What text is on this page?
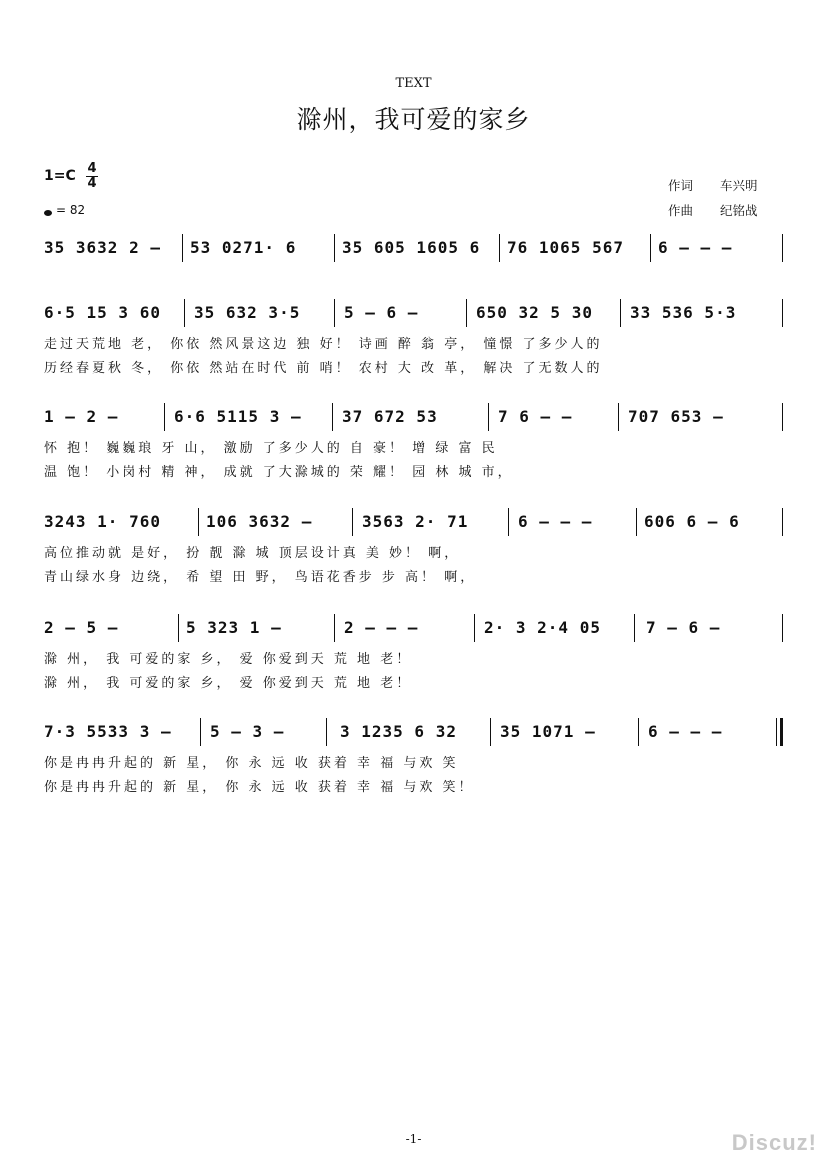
TEXT
滁州，我可爱的家乡
1=C 4
4
= 82
作词 车兴明
作曲 纪铭战
35 3632 2 – 53 0271· 6	35 605 1605 6 76 1065 567 6 – – –
6·5 15 3 60 35 632 3·5	5 – 6 –	650 32 5 30 33 536 5·3
走过天荒地 老， 你依 然风景这边 独 好！ 诗画 醉 翁 亭， 憧憬 了多少人的
历经春夏秋 冬， 你依 然站在时代 前 哨！ 农村 大 改 革， 解决 了无数人的
1 – 2 –	6·6 5115 3 –	37 672 53	7 6 – –	707 653 –
怀 抱！ 巍巍琅 牙 山， 激励 了多少人的 自 豪！ 增 绿 富 民
温 饱！ 小岗村 精 神， 成就 了大滁城的 荣 耀！ 园 林 城 市，
3243 1· 760	106 3632 –	3563 2· 71	6 – – –	606 6 – 6
高位推动就 是好， 扮 靓 滁 城 顶层设计真 美 妙！ 啊，
青山绿水身 边绕， 希 望 田 野， 鸟语花香步 步 高！ 啊，
2 – 5 –	5 323 1 –	2 – – –	2· 3 2·4 05	7 – 6 –
滁 州， 我 可爱的家 乡， 爱 你爱到天 荒 地 老！
滁 州， 我 可爱的家 乡， 爱 你爱到天 荒 地 老！
7·3 5533 3 – 5 – 3 –	3 1235 6 32	35 1071 –	6 – – –
你是冉冉升起的 新 星， 你 永 远 收 获着 幸 福 与欢 笑
你是冉冉升起的 新 星， 你 永 远 收 获着 幸 福 与欢 笑！
-1-	Discuz!
